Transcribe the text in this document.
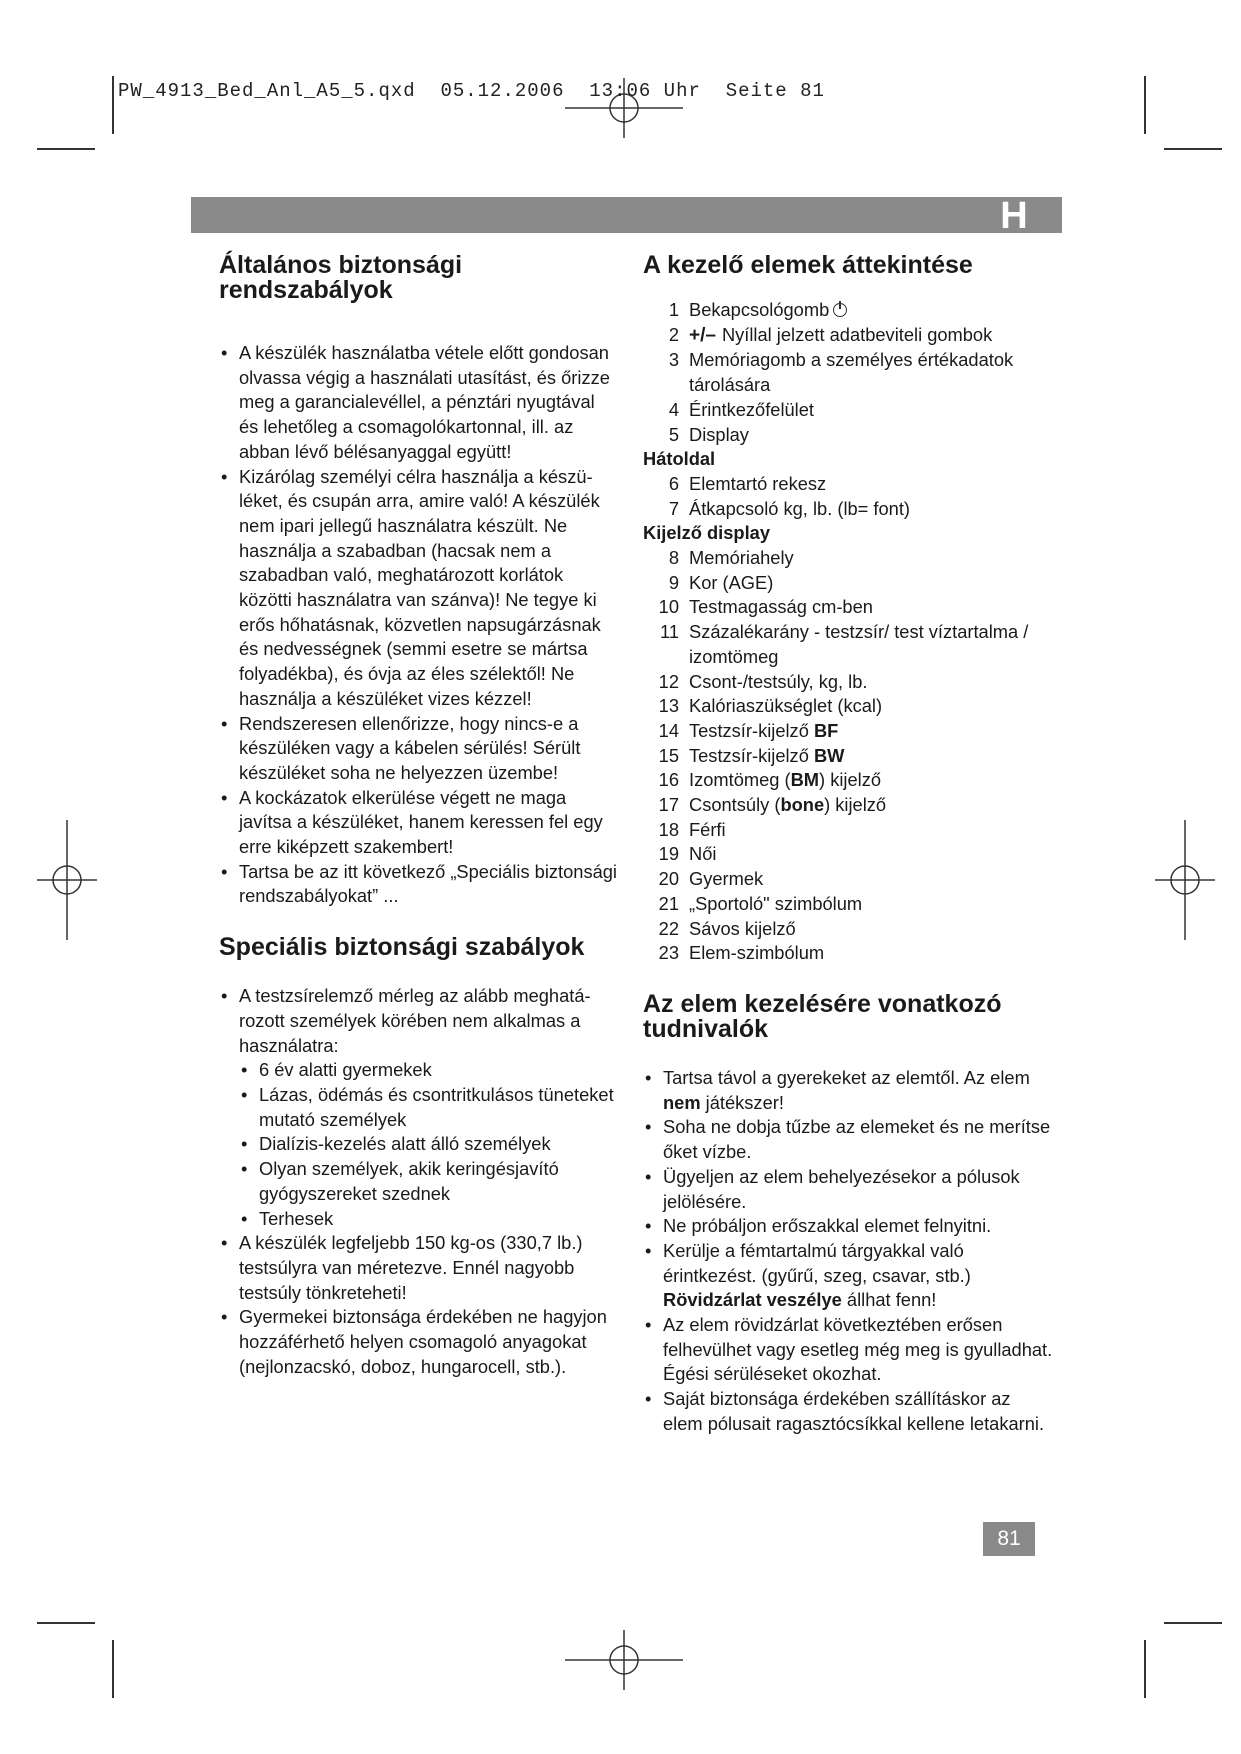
PW_4913_Bed_Anl_A5_5.qxd  05.12.2006  13:06 Uhr  Seite 81
H
Általános biztonsági rendszabályok
• A készülék használatba vétele előtt gondosan olvassa végig a használati utasítást, és őrizze meg a garancialevéllel, a pénztári nyugtával és lehetőleg a csomagolókartonnal, ill. az abban lévő bélésanyaggal együtt!
• Kizárólag személyi célra használja a készüléket, és csupán arra, amire való! A készülék nem ipari jellegű használatra készült. Ne használja a szabadban (hacsak nem a szabadban való, meghatározott korlátok közötti használatra van szánva)! Ne tegye ki erős hőhatásnak, közvetlen napsugárzásnak és nedvességnek (semmi esetre se mártsa folyadékba), és óvja az éles szélektől! Ne használja a készüléket vizes kézzel!
• Rendszeresen ellenőrizze, hogy nincs-e a készüléken vagy a kábelen sérülés! Sérült készüléket soha ne helyezzen üzembe!
• A kockázatok elkerülése végett ne maga javítsa a készüléket, hanem keressen fel egy erre kiképzett szakembert!
• Tartsa be az itt következő „Speciális biztonsági rendszabályokat” ...
Speciális biztonsági szabályok
• A testzsírelemző mérleg az alább meghatározott személyek körében nem alkalmas a használatra:
• 6 év alatti gyermekek
• Lázas, ödémás és csontritkulásos tüneteket mutató személyek
• Dialízis-kezelés alatt álló személyek
• Olyan személyek, akik keringésjavító gyógyszereket szednek
• Terhesek
• A készülék legfeljebb 150 kg-os (330,7 lb.) testsúlyra van méretezve. Ennél nagyobb testsúly tönkreteheti!
• Gyermekei biztonsága érdekében ne hagyjon hozzáférhető helyen csomagoló anyagokat (nejlonzacskó, doboz, hungarocell, stb.).
A kezelő elemek áttekintése
1 Bekapcsológomb
2 +/– Nyíllal jelzett adatbeviteli gombok
3 Memóriagomb a személyes értékadatok tárolására
4 Érintkezőfelület
5 Display
Hátoldal
6 Elemtartó rekesz
7 Átkapcsoló kg, lb. (lb= font)
Kijelző display
8 Memóriahely
9 Kor (AGE)
10 Testmagasság cm-ben
11 Százalékarány - testzsír/ test víztartalma / izomtömeg
12 Csont-/testsúly, kg, lb.
13 Kalóriaszükséglet (kcal)
14 Testzsír-kijelző BF
15 Testzsír-kijelző BW
16 Izomtömeg (BM) kijelző
17 Csontsúly (bone) kijelző
18 Férfi
19 Női
20 Gyermek
21 „Sportoló" szimbólum
22 Sávos kijelző
23 Elem-szimbólum
Az elem kezelésére vonatkozó tudnivalók
• Tartsa távol a gyerekeket az elemtől. Az elem nem játékszer!
• Soha ne dobja tűzbe az elemeket és ne merítse őket vízbe.
• Ügyeljen az elem behelyezésekor a pólusok jelölésére.
• Ne próbáljon erőszakkal elemet felnyitni.
• Kerülje a fémtartalmú tárgyakkal való érintkezést. (gyűrű, szeg, csavar, stb.) Rövidzárlat veszélye állhat fenn!
• Az elem rövidzárlat következtében erősen felhevülhet vagy esetleg még meg is gyulladhat.
Égési sérüléseket okozhat.
• Saját biztonsága érdekében szállításkor az elem pólusait ragasztócsíkkal kellene letakarni.
81
